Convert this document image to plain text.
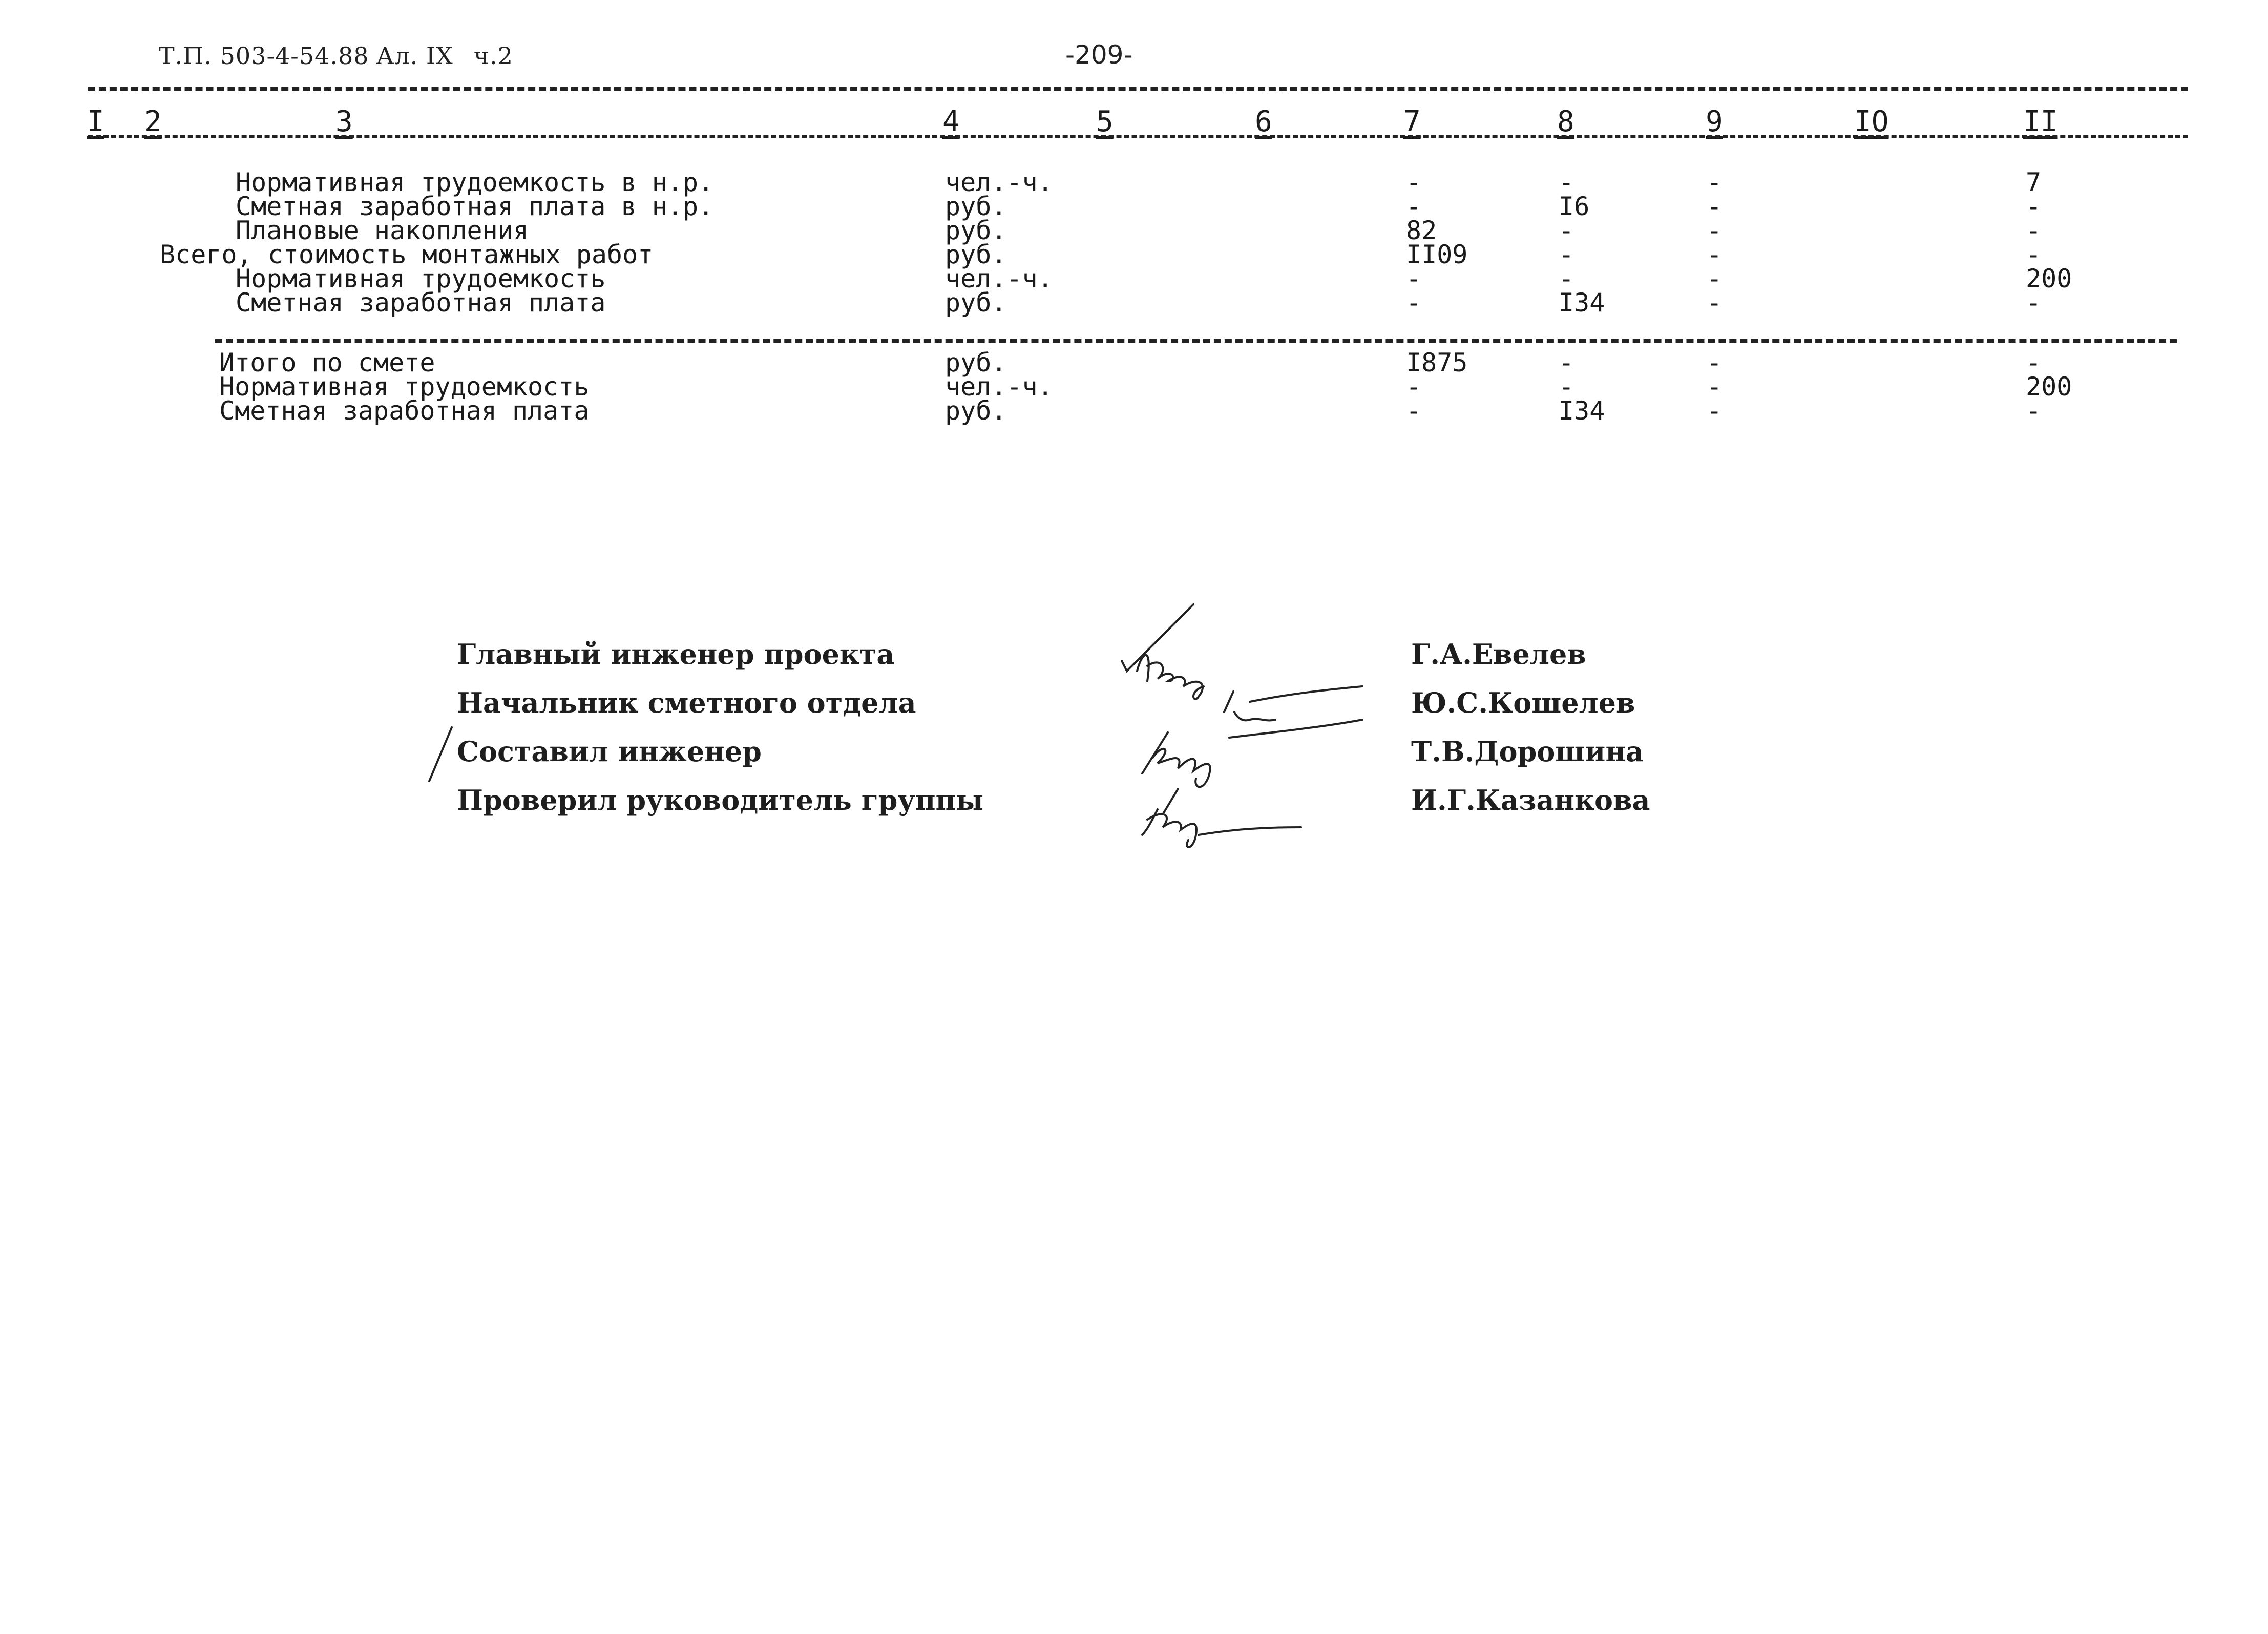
Т.П. 503-4-54.88 Ал. IX ч.2	-209-
I 2	3	4	5	6	7	8	9	IO	II
Нормативная трудоемкость в н.р.	чел.-ч.	-	-	-	7
Сметная заработная плата в н.р.	руб.	-	I6	-	-
Плановые накопления	руб.	82	-	-	-
Всего, стоимость монтажных работ	руб.	II09	-	-	-
Нормативная трудоемкость	чел.-ч.	-	-	-	200
Сметная заработная плата	руб.	-	I34	-	-
Итого по смете	руб.	I875	-	-	-
Нормативная трудоемкость	чел.-ч.	-	-	-	200
Сметная заработная плата	руб.	-	I34	-	-
Главный инженер проекта	Г.А.Евелев
Начальник сметного отдела	Ю.С.Кошелев
Составил инженер	Т.В.Дорошина
Проверил руководитель группы	И.Г.Казанкова
